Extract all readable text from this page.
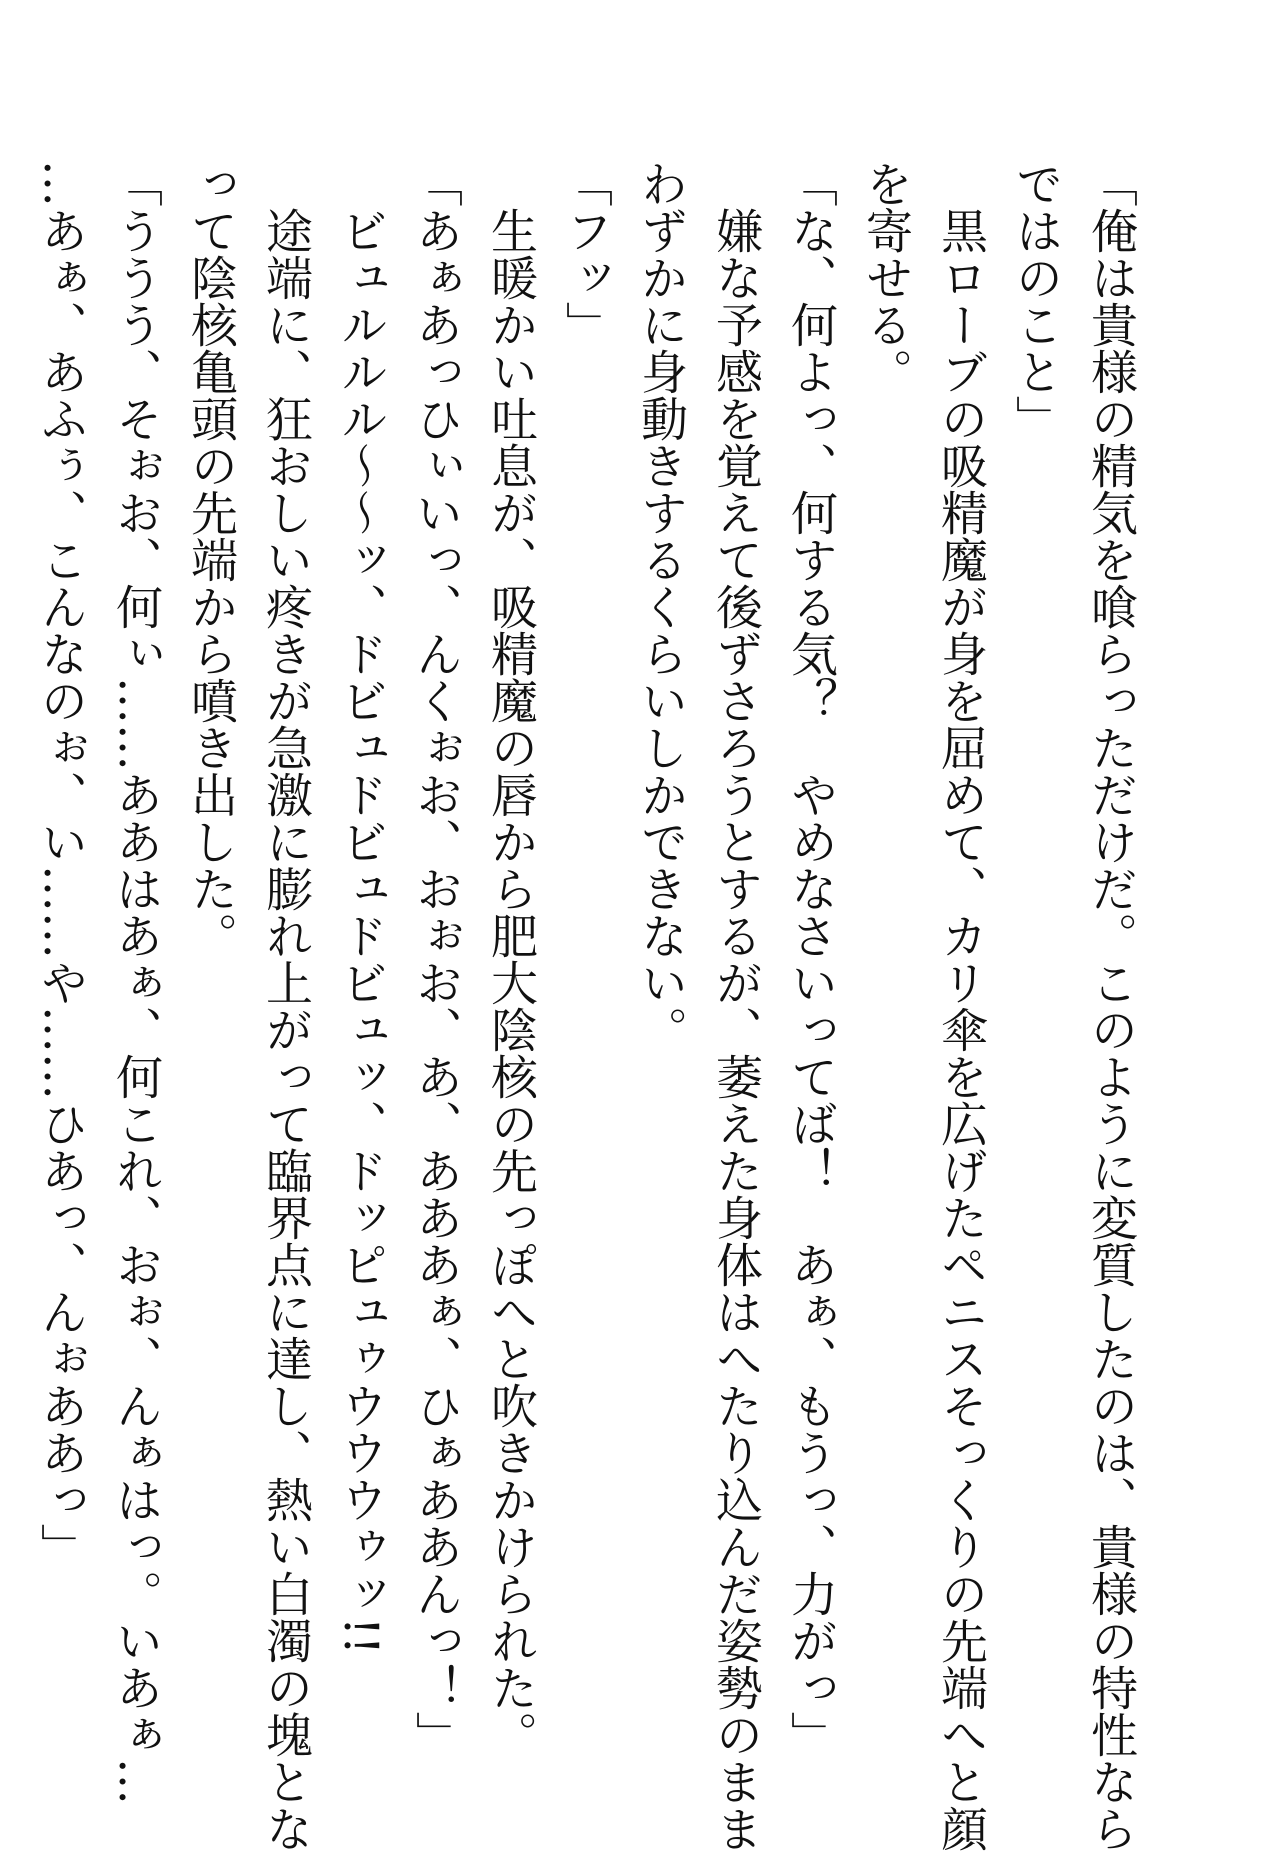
「俺は貴様の精気を喰らっただけだ。このように変質したのは、貴様の特性なら
ではのこと」
　黒ローブの吸精魔が身を屈めて、カリ傘を広げたペニスそっくりの先端へと顔
を寄せる。
「な、何よっ、何する気？　やめなさいってば！　あぁ、もうっ、力がっ」
　嫌な予感を覚えて後ずさろうとするが、萎えた身体はへたり込んだ姿勢のまま
わずかに身動きするくらいしかできない。
「フッ」
　生暖かい吐息が、吸精魔の唇から肥大陰核の先っぽへと吹きかけられた。
「あぁあっひぃいっ、んくぉお、おぉお、あ、あああぁ、ひぁああんっ！」
　ビュルルル～～ッ、ドビュドビュドビュッ、ドッピュゥウウウゥッ!!
　途端に、狂おしい疼きが急激に膨れ上がって臨界点に達し、熱い白濁の塊とな
って陰核亀頭の先端から噴き出した。
「ううう、そぉお、何ぃ……ああはあぁ、何これ、おぉ、んぁはっ。いあぁ…
…あぁ、あふぅ、こんなのぉ、い……や……ひあっ、んぉああっ」
